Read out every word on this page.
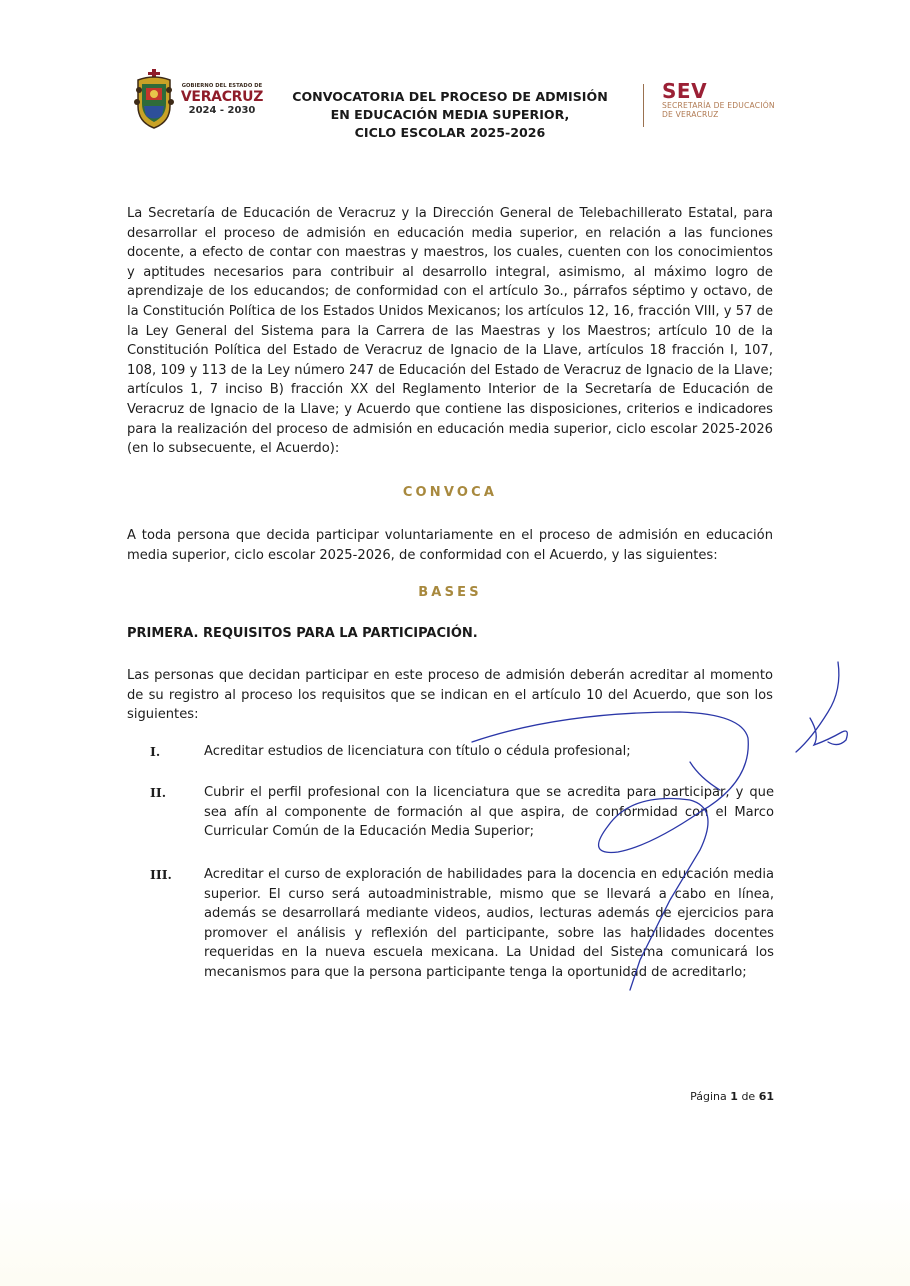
GOBIERNO DEL ESTADO DE
VERACRUZ
2024 - 2030
CONVOCATORIA DEL PROCESO DE ADMISIÓN
EN EDUCACIÓN MEDIA SUPERIOR,
CICLO ESCOLAR 2025-2026
SEV
SECRETARÍA DE EDUCACIÓN
DE VERACRUZ
La Secretaría de Educación de Veracruz y la Dirección General de Telebachillerato Estatal, para desarrollar el proceso de admisión en educación media superior, en relación a las funciones docente, a efecto de contar con maestras y maestros, los cuales, cuenten con los conocimientos y aptitudes necesarios para contribuir al desarrollo integral, asimismo, al máximo logro de aprendizaje de los educandos; de conformidad con el artículo 3o., párrafos séptimo y octavo, de la Constitución Política de los Estados Unidos Mexicanos; los artículos 12, 16, fracción VIII, y 57 de la Ley General del Sistema para la Carrera de las Maestras y los Maestros; artículo 10 de la Constitución Política del Estado de Veracruz de Ignacio de la Llave, artículos 18 fracción I, 107, 108, 109 y 113 de la Ley número 247 de Educación del Estado de Veracruz de Ignacio de la Llave; artículos 1, 7 inciso B) fracción XX del Reglamento Interior de la Secretaría de Educación de Veracruz de Ignacio de la Llave; y Acuerdo que contiene las disposiciones, criterios e indicadores para la realización del proceso de admisión en educación media superior, ciclo escolar 2025-2026 (en lo subsecuente, el Acuerdo):
CONVOCA
A toda persona que decida participar voluntariamente en el proceso de admisión en educación media superior, ciclo escolar 2025-2026, de conformidad con el Acuerdo, y las siguientes:
BASES
PRIMERA. REQUISITOS PARA LA PARTICIPACIÓN.
Las personas que decidan participar en este proceso de admisión deberán acreditar al momento de su registro al proceso los requisitos que se indican en el artículo 10 del Acuerdo, que son los siguientes:
I.	Acreditar estudios de licenciatura con título o cédula profesional;
II.	Cubrir el perfil profesional con la licenciatura que se acredita para participar, y que sea afín al componente de formación al que aspira, de conformidad con el Marco Curricular Común de la Educación Media Superior;
III.	Acreditar el curso de exploración de habilidades para la docencia en educación media superior. El curso será autoadministrable, mismo que se llevará a cabo en línea, además se desarrollará mediante videos, audios, lecturas además de ejercicios para promover el análisis y reflexión del participante, sobre las habilidades docentes requeridas en la nueva escuela mexicana. La Unidad del Sistema comunicará los mecanismos para que la persona participante tenga la oportunidad de acreditarlo;
Página 1 de 61
